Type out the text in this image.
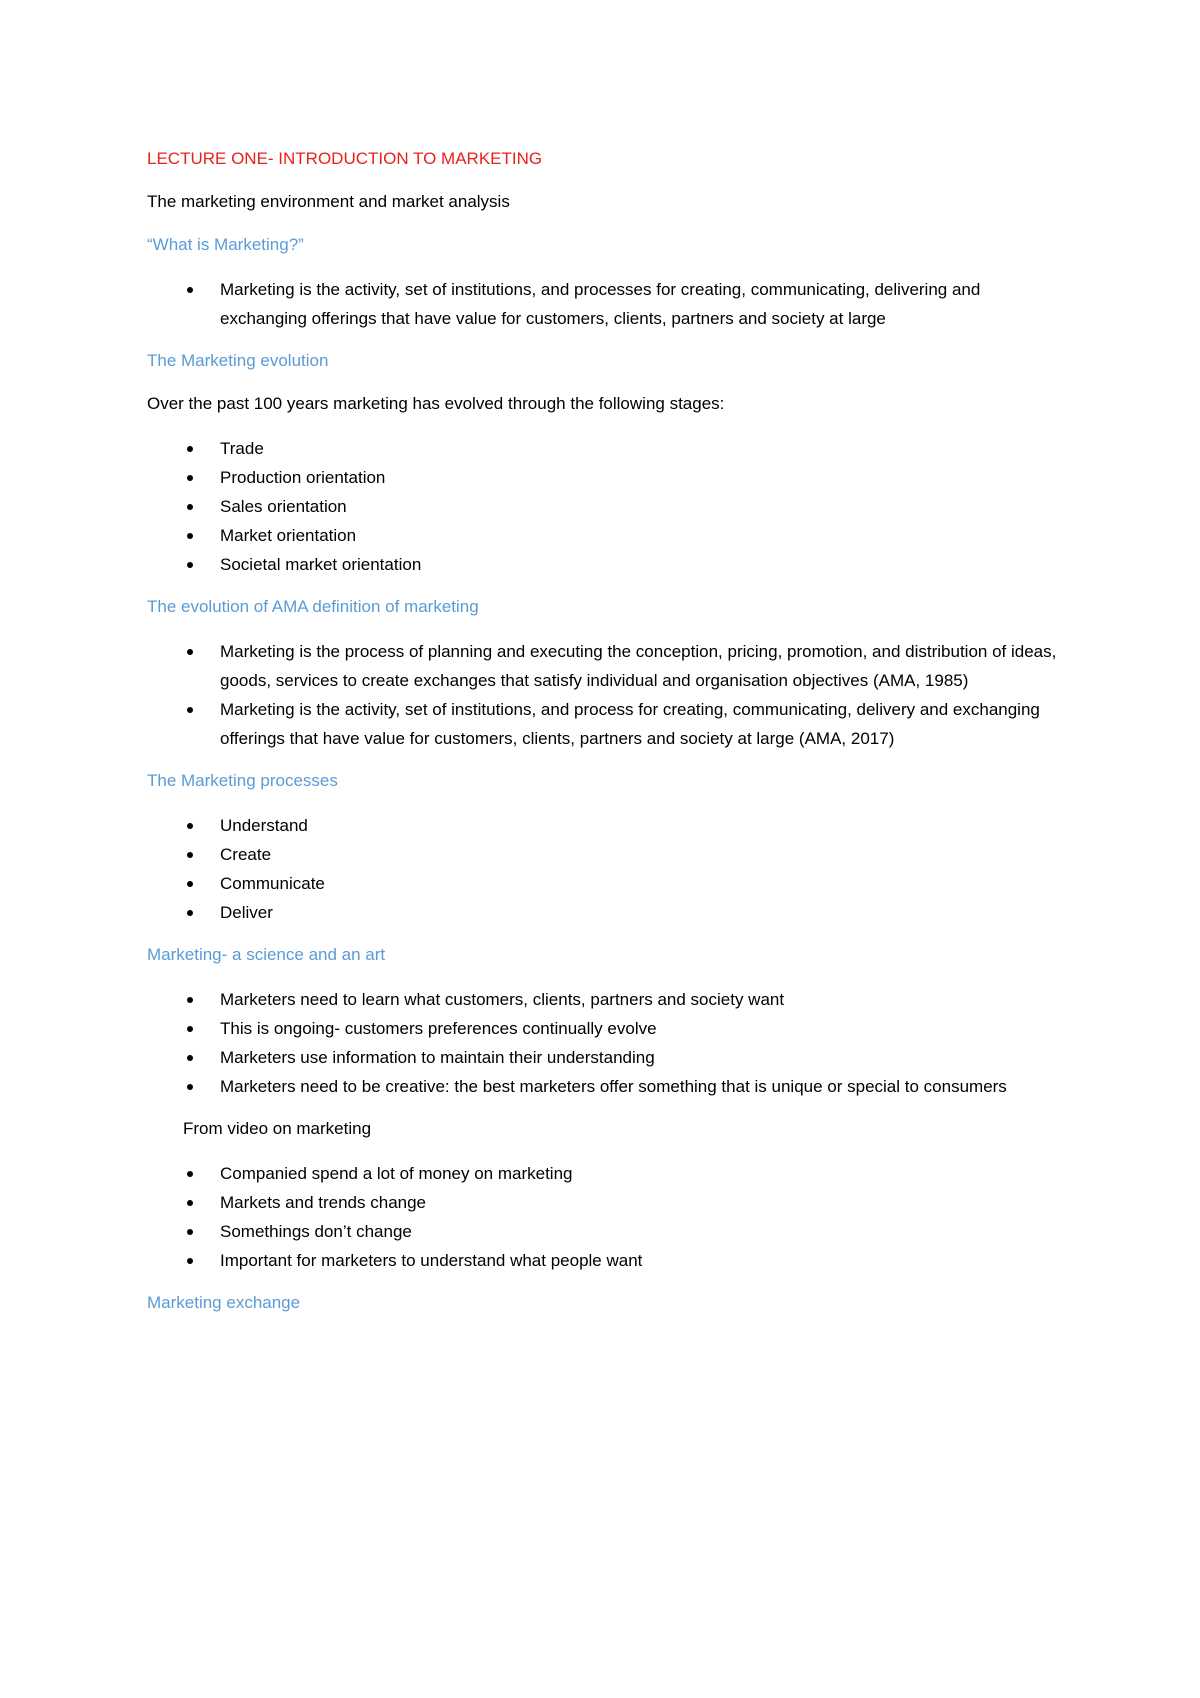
LECTURE ONE- INTRODUCTION TO MARKETING

The marketing environment and market analysis

“What is Marketing?”

Marketing is the activity, set of institutions, and processes for creating, communicating, delivering and exchanging offerings that have value for customers, clients, partners and society at large

The Marketing evolution

Over the past 100 years marketing has evolved through the following stages:

Trade
Production orientation
Sales orientation
Market orientation
Societal market orientation

The evolution of AMA definition of marketing

Marketing is the process of planning and executing the conception, pricing, promotion, and distribution of ideas, goods, services to create exchanges that satisfy individual and organisation objectives (AMA, 1985)
Marketing is the activity, set of institutions, and process for creating, communicating, delivery and exchanging offerings that have value for customers, clients, partners and society at large (AMA, 2017)

The Marketing processes

Understand
Create
Communicate
Deliver

Marketing- a science and an art

Marketers need to learn what customers, clients, partners and society want
This is ongoing- customers preferences continually evolve
Marketers use information to maintain their understanding
Marketers need to be creative: the best marketers offer something that is unique or special to consumers

From video on marketing

Companied spend a lot of money on marketing
Markets and trends change
Somethings don’t change
Important for marketers to understand what people want

Marketing exchange
